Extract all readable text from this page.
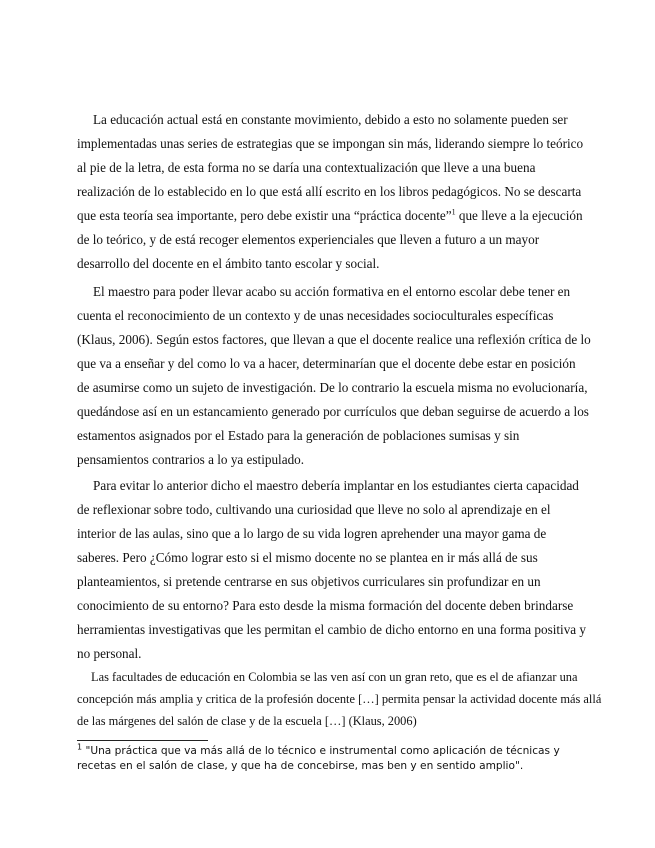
La educación actual está en constante movimiento, debido a esto no solamente pueden ser
implementadas unas series de estrategias que se impongan sin más, liderando siempre lo teórico
al pie de la letra, de esta forma no se daría una contextualización que lleve a una buena
realización de lo establecido en lo que está allí escrito en los libros pedagógicos. No se descarta
que esta teoría sea importante, pero debe existir una “práctica docente”$^1$ que lleve a la ejecución
de lo teórico, y de está recoger elementos experienciales que lleven a futuro a un mayor
desarrollo del docente en el ámbito tanto escolar y social.

El maestro para poder llevar acabo su acción formativa en el entorno escolar debe tener en
cuenta el reconocimiento de un contexto y de unas necesidades socioculturales específicas
(Klaus, 2006). Según estos factores, que llevan a que el docente realice una reflexión crítica de lo
que va a enseñar y del como lo va a hacer, determinarían que el docente debe estar en posición
de asumirse como un sujeto de investigación. De lo contrario la escuela misma no evolucionaría,
quedándose así en un estancamiento generado por currículos que deban seguirse de acuerdo a los
estamentos asignados por el Estado para la generación de poblaciones sumisas y sin
pensamientos contrarios a lo ya estipulado.

Para evitar lo anterior dicho el maestro debería implantar en los estudiantes cierta capacidad
de reflexionar sobre todo, cultivando una curiosidad que lleve no solo al aprendizaje en el
interior de las aulas, sino que a lo largo de su vida logren aprehender una mayor gama de
saberes. Pero ¿Cómo lograr esto si el mismo docente no se plantea en ir más allá de sus
planteamientos, si pretende centrarse en sus objetivos curriculares sin profundizar en un
conocimiento de su entorno? Para esto desde la misma formación del docente deben brindarse
herramientas investigativas que les permitan el cambio de dicho entorno en una forma positiva y
no personal.

Las facultades de educación en Colombia se las ven así con un gran reto, que es el de afianzar una
concepción más amplia y critica de la profesión docente […] permita pensar la actividad docente más allá
de las márgenes del salón de clase y de la escuela […] (Klaus, 2006)

$^1$ "Una práctica que va más allá de lo técnico e instrumental como aplicación de técnicas y
recetas en el salón de clase, y que ha de concebirse, mas ben y en sentido amplio".
